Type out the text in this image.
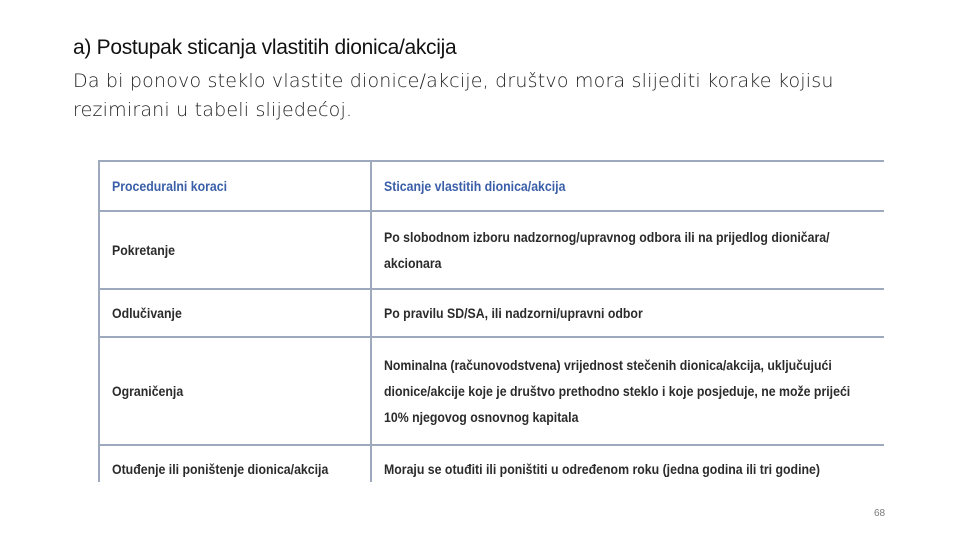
a) Postupak sticanja vlastitih dionica/akcija
Da bi ponovo steklo vlastite dionice/akcije, društvo mora slijediti korake kojisu rezimirani u tabeli slijedećoj.
Proceduralni koraci	Sticanje vlastitih dionica/akcija
Pokretanje	Po slobodnom izboru nadzornog/upravnog odbora ili na prijedlog dioničara/ akcionara
Odlučivanje	Po pravilu SD/SA, ili nadzorni/upravni odbor
Ograničenja	Nominalna (računovodstvena) vrijednost stečenih dionica/akcija, uključujući dionice/akcije koje je društvo prethodno steklo i koje posjeduje, ne može prijeći 10% njegovog osnovnog kapitala
Otuđenje ili poništenje dionica/akcija	Moraju se otuđiti ili poništiti u određenom roku (jedna godina ili tri godine)
68
